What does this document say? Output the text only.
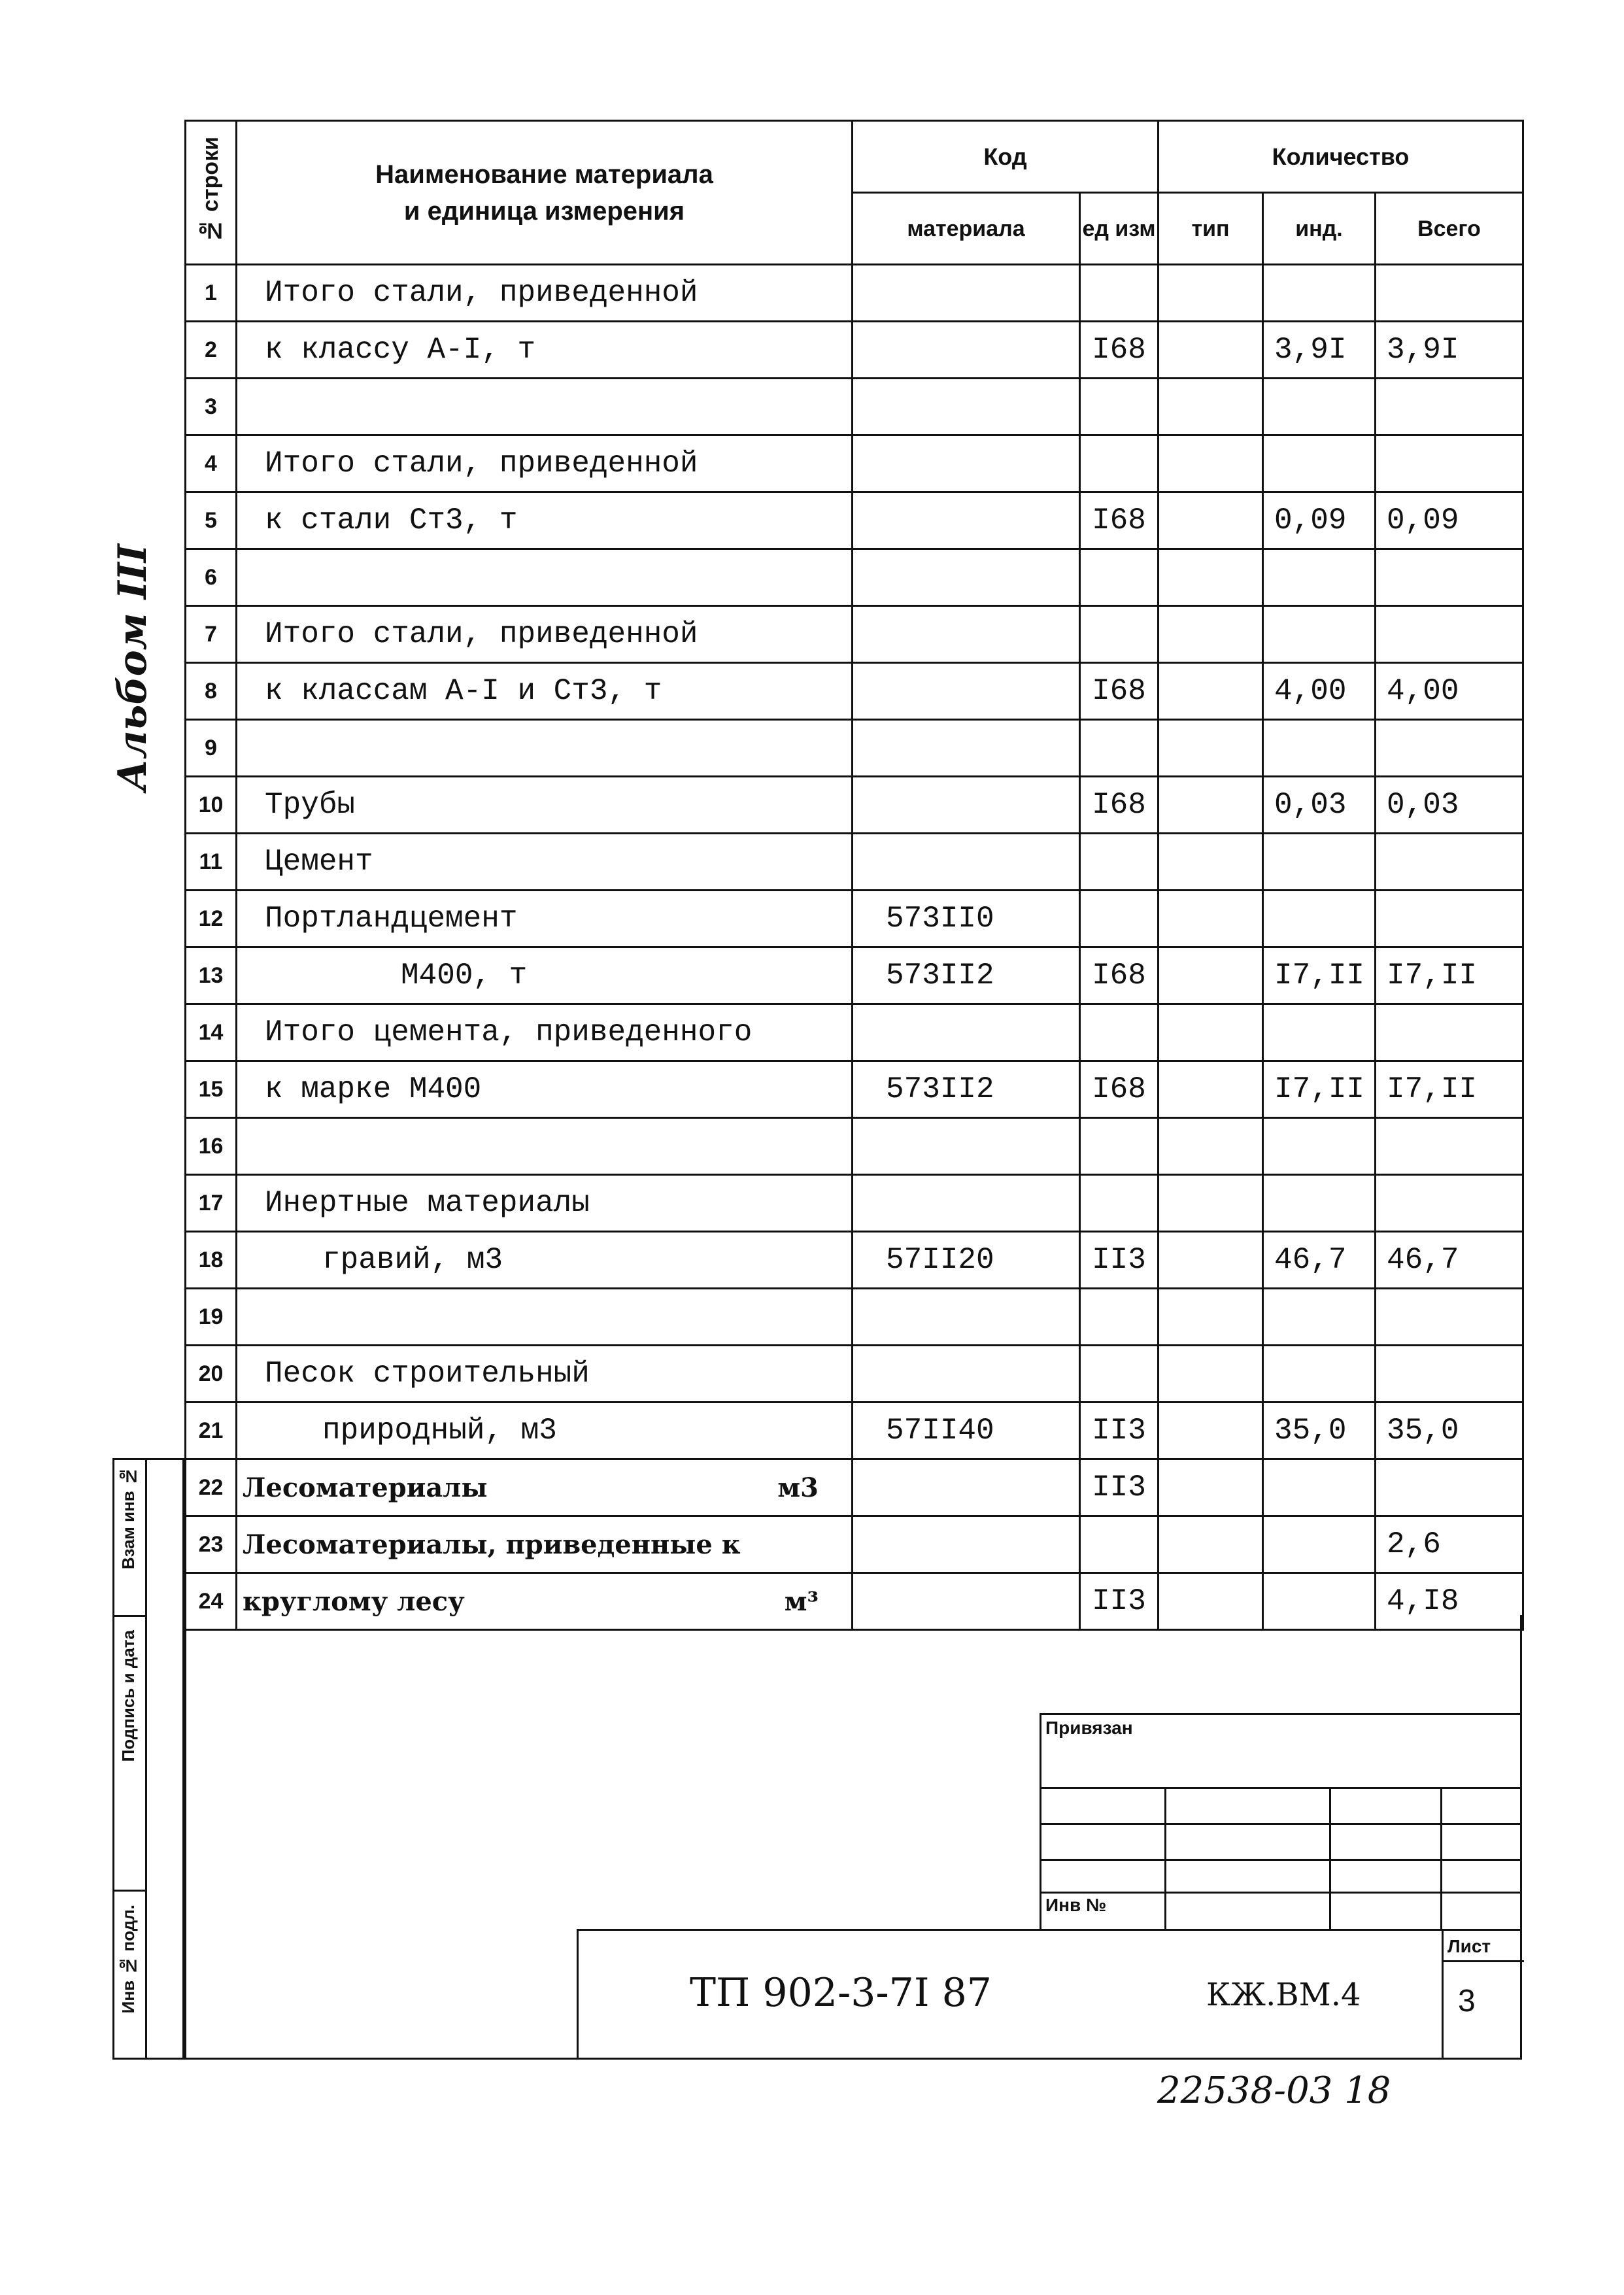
Альбом III
№ строки	Наименование материала
и единица измерения	Код		Количество		
		материала	ед изм	тип	инд.	Всего
1	Итого стали, приведенной					
2	к классу А-I, т		I68		3,9I	3,9I
3						
4	Итого стали, приведенной					
5	к стали Ст3, т		I68		0,09	0,09
6						
7	Итого стали, приведенной					
8	к классам А-I и Ст3, т		I68		4,00	4,00
9						
10	Трубы		I68		0,03	0,03
11	Цемент					
12	Портландцемент	573II0				
13	М400, т	573II2	I68		I7,II	I7,II
14	Итого цемента, приведенного					
15	к марке М400	573II2	I68		I7,II	I7,II
16						
17	Инертные материалы					
18	гравий, м3	57II20	II3		46,7	46,7
19						
20	Песок строительный					
21	природный, м3	57II40	II3		35,0	35,0
22	Лесоматериалы м3		II3			
23	Лесоматериалы, приведенные к					2,6
24	круглому лесу м³		II3			4,I8
Взам инв №
Подпись и дата
Инв № подл.
Привязан
Инв №
ТП 902-3-7I 87	КЖ.ВМ.4
Лист
3
22538-03 18
